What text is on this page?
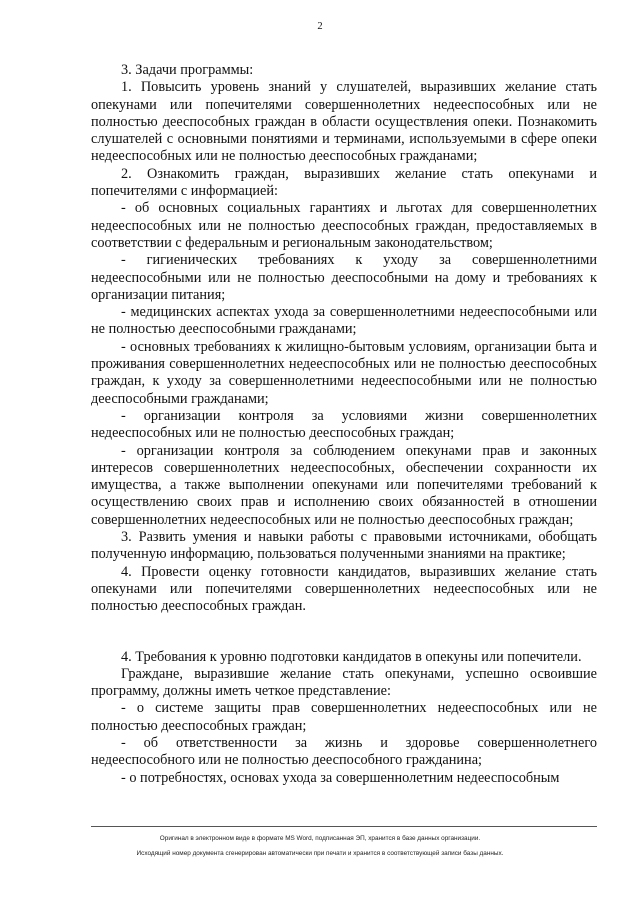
2

3. Задачи программы:

1. Повысить уровень знаний у слушателей, выразивших желание стать опекунами или попечителями совершеннолетних недееспособных или не полностью дееспособных граждан в области осуществления опеки. Познакомить слушателей с основными понятиями и терминами, используемыми в сфере опеки недееспособных или не полностью дееспособных гражданами;

2. Ознакомить граждан, выразивших желание стать опекунами и попечителями с информацией:

- об основных социальных гарантиях и льготах для совершеннолетних недееспособных или не полностью дееспособных граждан, предоставляемых в соответствии с федеральным и региональным законодательством;

- гигиенических требованиях к уходу за совершеннолетними недееспособными или не полностью дееспособными на дому и требованиях к организации питания;

- медицинских аспектах ухода за совершеннолетними недееспособными или не полностью дееспособными гражданами;

- основных требованиях к жилищно-бытовым условиям, организации быта и проживания совершеннолетних недееспособных или не полностью дееспособных граждан, к уходу за совершеннолетними недееспособными или не полностью дееспособными гражданами;

- организации контроля за условиями жизни совершеннолетних недееспособных или не полностью дееспособных граждан;

- организации контроля за соблюдением опекунами прав и законных интересов совершеннолетних недееспособных, обеспечении сохранности их имущества, а также выполнении опекунами или попечителями требований к осуществлению своих прав и исполнению своих обязанностей в отношении совершеннолетних недееспособных или не полностью дееспособных граждан;

3. Развить умения и навыки работы с правовыми источниками, обобщать полученную информацию, пользоваться полученными знаниями на практике;

4. Провести оценку готовности кандидатов, выразивших желание стать опекунами или попечителями совершеннолетних недееспособных или не полностью дееспособных граждан.

4. Требования к уровню подготовки кандидатов в опекуны или попечители.

Граждане, выразившие желание стать опекунами, успешно освоившие программу, должны иметь четкое представление:

- о системе защиты прав совершеннолетних недееспособных или не полностью дееспособных граждан;

- об ответственности за жизнь и здоровье совершеннолетнего недееспособного или не полностью дееспособного гражданина;

- о потребностях, основах ухода за совершеннолетним недееспособным

Оригинал в электронном виде в формате MS Word, подписанная ЭП, хранится в базе данных организации.
Исходящий номер документа сгенерирован автоматически при печати и хранится в соответствующей записи базы данных.
